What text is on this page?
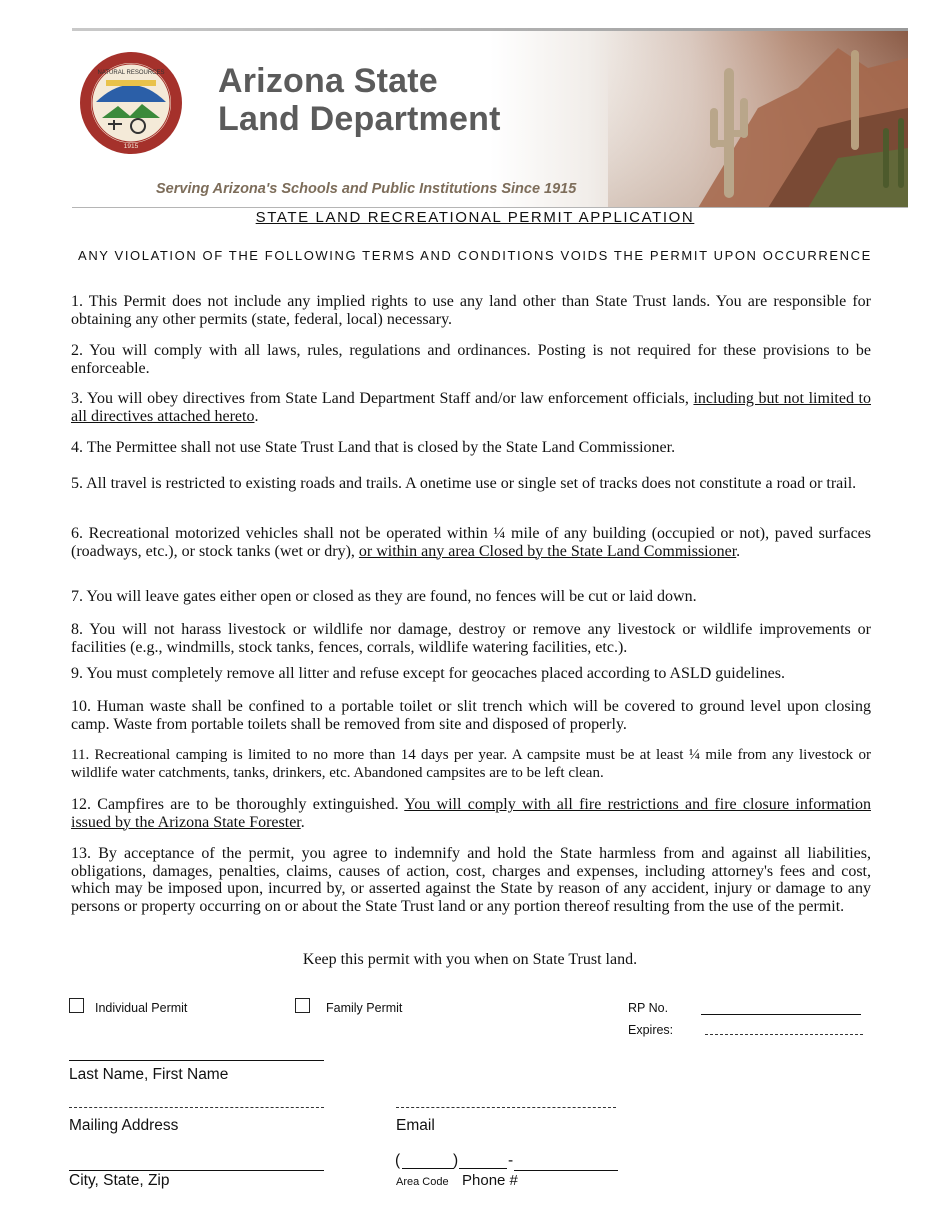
NATURAL RESOURCES
1915
Arizona State
Land Department
Serving Arizona's Schools and Public Institutions Since 1915
STATE LAND RECREATIONAL PERMIT APPLICATION
ANY VIOLATION OF THE FOLLOWING TERMS AND CONDITIONS VOIDS THE PERMIT UPON OCCURRENCE
1. This Permit does not include any implied rights to use any land other than State Trust lands. You are responsible for obtaining any other permits (state, federal, local) necessary.
2. You will comply with all laws, rules, regulations and ordinances. Posting is not required for these provisions to be enforceable.
3. You will obey directives from State Land Department Staff and/or law enforcement officials, including but not limited to all directives attached hereto.
4. The Permittee shall not use State Trust Land that is closed by the State Land Commissioner.
5. All travel is restricted to existing roads and trails. A onetime use or single set of tracks does not constitute a road or trail.
6. Recreational motorized vehicles shall not be operated within ¼ mile of any building (occupied or not), paved surfaces (roadways, etc.), or stock tanks (wet or dry), or within any area Closed by the State Land Commissioner.
7. You will leave gates either open or closed as they are found, no fences will be cut or laid down.
8. You will not harass livestock or wildlife nor damage, destroy or remove any livestock or wildlife improvements or facilities (e.g., windmills, stock tanks, fences, corrals, wildlife watering facilities, etc.).
9. You must completely remove all litter and refuse except for geocaches placed according to ASLD guidelines.
10. Human waste shall be confined to a portable toilet or slit trench which will be covered to ground level upon closing camp. Waste from portable toilets shall be removed from site and disposed of properly.
11. Recreational camping is limited to no more than 14 days per year. A campsite must be at least ¼ mile from any livestock or wildlife water catchments, tanks, drinkers, etc. Abandoned campsites are to be left clean.
12. Campfires are to be thoroughly extinguished. You will comply with all fire restrictions and fire closure information issued by the Arizona State Forester.
13. By acceptance of the permit, you agree to indemnify and hold the State harmless from and against all liabilities, obligations, damages, penalties, claims, causes of action, cost, charges and expenses, including attorney's fees and cost, which may be imposed upon, incurred by, or asserted against the State by reason of any accident, injury or damage to any persons or property occurring on or about the State Trust land or any portion thereof resulting from the use of the permit.
Keep this permit with you when on State Trust land.
Individual Permit	Family Permit	RP No.
Expires:
Last Name, First Name
Mailing Address	Email
City, State, Zip
(	)	-
Area Code Phone #
